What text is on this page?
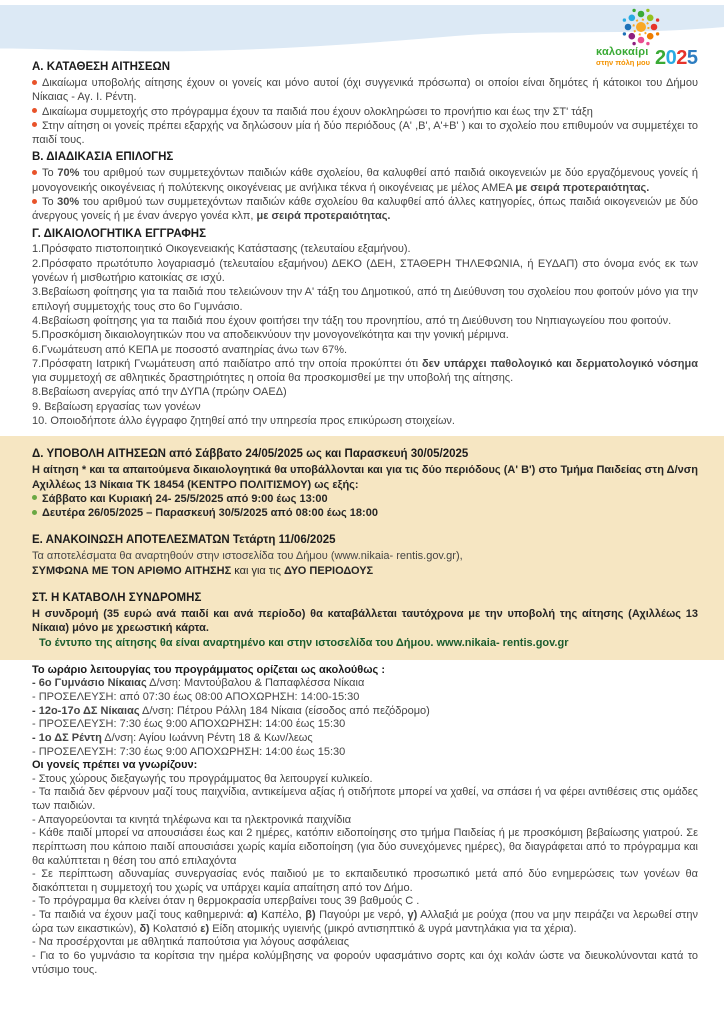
καλοκαίρι
στην πόλη μου 2025
Α. ΚΑΤΑΘΕΣΗ ΑΙΤΗΣΕΩΝ

Δικαίωμα υποβολής αίτησης έχουν οι γονείς και μόνο αυτοί (όχι συγγενικά πρόσωπα) οι οποίοι είναι δημότες ή κάτοικοι του Δήμου Νίκαιας - Αγ. Ι. Ρέντη.

Δικαίωμα συμμετοχής στο πρόγραμμα έχουν τα παιδιά που έχουν ολοκληρώσει το προνήπιο και έως την ΣΤ' τάξη

Στην αίτηση οι γονείς πρέπει εξαρχής να δηλώσουν μία ή δύο περιόδους (Α' ,Β', Α'+Β' ) και το σχολείο που επιθυμούν να συμμετέχει το παιδί τους.

Β. ΔΙΑΔΙΚΑΣΙΑ ΕΠΙΛΟΓΗΣ

Το 70% του αριθμού των συμμετεχόντων παιδιών κάθε σχολείου, θα καλυφθεί από παιδιά οικογενειών με δύο εργαζόμενους γονείς ή μονογονεικής οικογένειας ή πολύτεκνης οικογένειας με ανήλικα τέκνα ή οικογένειας με μέλος ΑΜΕΑ με σειρά προτεραιότητας.

Το 30% του αριθμού των συμμετεχόντων παιδιών κάθε σχολείου θα καλυφθεί από άλλες κατηγορίες, όπως παιδιά οικογενειών με δύο άνεργους γονείς ή με έναν άνεργο γονέα κλπ, με σειρά προτεραιότητας.

Γ. ΔΙΚΑΙΟΛΟΓΗΤΙΚΑ ΕΓΓΡΑΦΗΣ

1.Πρόσφατο πιστοποιητικό Οικογενειακής Κατάστασης (τελευταίου εξαμήνου).

2.Πρόσφατο πρωτότυπο λογαριασμό (τελευταίου εξαμήνου) ΔΕΚΟ (ΔΕΗ, ΣΤΑΘΕΡΗ ΤΗΛΕΦΩΝΙΑ, ή ΕΥΔΑΠ) στο όνομα ενός εκ των γονέων ή μισθωτήριο κατοικίας σε ισχύ.

3.Βεβαίωση φοίτησης για τα παιδιά που τελειώνουν την Α' τάξη του Δημοτικού, από τη Διεύθυνση του σχολείου που φοιτούν μόνο για την επιλογή συμμετοχής τους στο 6ο Γυμνάσιο.

4.Βεβαίωση φοίτησης για τα παιδιά που έχουν φοιτήσει την τάξη του προνηπίου, από τη Διεύθυνση του Νηπιαγωγείου που φοιτούν.

5.Προσκόμιση δικαιολογητικών που να αποδεικνύουν την μονογονεϊκότητα και την γονική μέριμνα.

6.Γνωμάτευση από ΚΕΠΑ με ποσοστό αναπηρίας άνω των 67%.

7.Πρόσφατη Ιατρική Γνωμάτευση από παιδίατρο από την οποία προκύπτει ότι δεν υπάρχει παθολογικό και δερματολογικό νόσημα για συμμετοχή σε αθλητικές δραστηριότητες η οποία θα προσκομισθεί με την υποβολή της αίτησης.

8.Βεβαίωση ανεργίας από την ΔΥΠΑ (πρώην ΟΑΕΔ)

9. Βεβαίωση εργασίας των γονέων

10. Οποιοδήποτε άλλο έγγραφο ζητηθεί από την υπηρεσία προς επικύρωση στοιχείων.

Δ. ΥΠΟΒΟΛΗ ΑΙΤΗΣΕΩΝ από Σάββατο 24/05/2025 ως και Παρασκευή 30/05/2025

Η αίτηση * και τα απαιτούμενα δικαιολογητικά θα υποβάλλονται και για τις δύο περιόδους (Α' Β') στο Τμήμα Παιδείας στη Δ/νση Αχιλλέως 13 Νίκαια ΤΚ 18454 (ΚΕΝΤΡΟ ΠΟΛΙΤΙΣΜΟΥ) ως εξής:

Σάββατο και Κυριακή 24- 25/5/2025 από 9:00 έως 13:00

Δευτέρα 26/05/2025 – Παρασκευή 30/5/2025 από 08:00 έως 18:00

Ε. ΑΝΑΚΟΙΝΩΣΗ ΑΠΟΤΕΛΕΣΜΑΤΩΝ Τετάρτη 11/06/2025

Τα αποτελέσματα θα αναρτηθούν στην ιστοσελίδα του Δήμου (www.nikaia- rentis.gov.gr),

ΣΥΜΦΩΝΑ ΜΕ ΤΟΝ ΑΡΙΘΜΟ ΑΙΤΗΣΗΣ και για τις ΔΥΟ ΠΕΡΙΟΔΟΥΣ

ΣΤ. Η ΚΑΤΑΒΟΛΗ ΣΥΝΔΡΟΜΗΣ

Η συνδρομή (35 ευρώ ανά παιδί και ανά περίοδο) θα καταβάλλεται ταυτόχρονα με την υποβολή της αίτησης (Αχιλλέως 13 Νίκαια) μόνο με χρεωστική κάρτα.

Το έντυπο της αίτησης θα είναι αναρτημένο και στην ιστοσελίδα του Δήμου. www.nikaia- rentis.gov.gr

Το ωράριο λειτουργίας του προγράμματος ορίζεται ως ακολούθως :

- 6ο Γυμνάσιο Νίκαιας Δ/νση: Μαντούβαλου & Παπαφλέσσα Νίκαια

- ΠΡΟΣΕΛΕΥΣΗ: από 07:30 έως 08:00 ΑΠΟΧΩΡΗΣΗ: 14:00-15:30

- 12ο-17ο ΔΣ Νίκαιας Δ/νση: Πέτρου Ράλλη 184 Νίκαια (είσοδος από πεζόδρομο)

- ΠΡΟΣΕΛΕΥΣΗ: 7:30 έως 9:00 ΑΠΟΧΩΡΗΣΗ: 14:00 έως 15:30

- 1ο ΔΣ Ρέντη Δ/νση: Αγίου Ιωάννη Ρέντη 18 & Κων/λεως

- ΠΡΟΣΕΛΕΥΣΗ: 7:30 έως 9:00 ΑΠΟΧΩΡΗΣΗ: 14:00 έως 15:30

Οι γονείς πρέπει να γνωρίζουν:

- Στους χώρους διεξαγωγής του προγράμματος θα λειτουργεί κυλικείο.

- Τα παιδιά δεν φέρνουν μαζί τους παιχνίδια, αντικείμενα αξίας ή οτιδήποτε μπορεί να χαθεί, να σπάσει ή να φέρει αντιθέσεις στις ομάδες των παιδιών.

- Απαγορεύονται τα κινητά τηλέφωνα και τα ηλεκτρονικά παιχνίδια

- Κάθε παιδί μπορεί να απουσιάσει έως και 2 ημέρες, κατόπιν ειδοποίησης στο τμήμα Παιδείας ή με προσκόμιση βεβαίωσης γιατρού. Σε περίπτωση που κάποιο παιδί απουσιάσει χωρίς καμία ειδοποίηση (για δύο συνεχόμενες ημέρες), θα διαγράφεται από το πρόγραμμα και θα καλύπτεται η θέση του από επιλαχόντα

- Σε περίπτωση αδυναμίας συνεργασίας ενός παιδιού με το εκπαιδευτικό προσωπικό μετά από δύο ενημερώσεις των γονέων θα διακόπτεται η συμμετοχή του χωρίς να υπάρχει καμία απαίτηση από τον Δήμο.

- Το πρόγραμμα θα κλείνει όταν η θερμοκρασία υπερβαίνει τους 39 βαθμούς C .

- Τα παιδιά να έχουν μαζί τους καθημερινά: α) Καπέλο, β) Παγούρι με νερό, γ) Αλλαξιά με ρούχα (που να μην πειράζει να λερωθεί στην ώρα των εικαστικών), δ) Κολατσιό ε) Είδη ατομικής υγιεινής (μικρό αντισηπτικό & υγρά μαντηλάκια για τα χέρια).

- Να προσέρχονται με αθλητικά παπούτσια για λόγους ασφάλειας

- Για το 6ο γυμνάσιο τα κορίτσια την ημέρα κολύμβησης να φορούν υφασμάτινο σορτς και όχι κολάν ώστε να διευκολύνονται κατά το ντύσιμο τους.
